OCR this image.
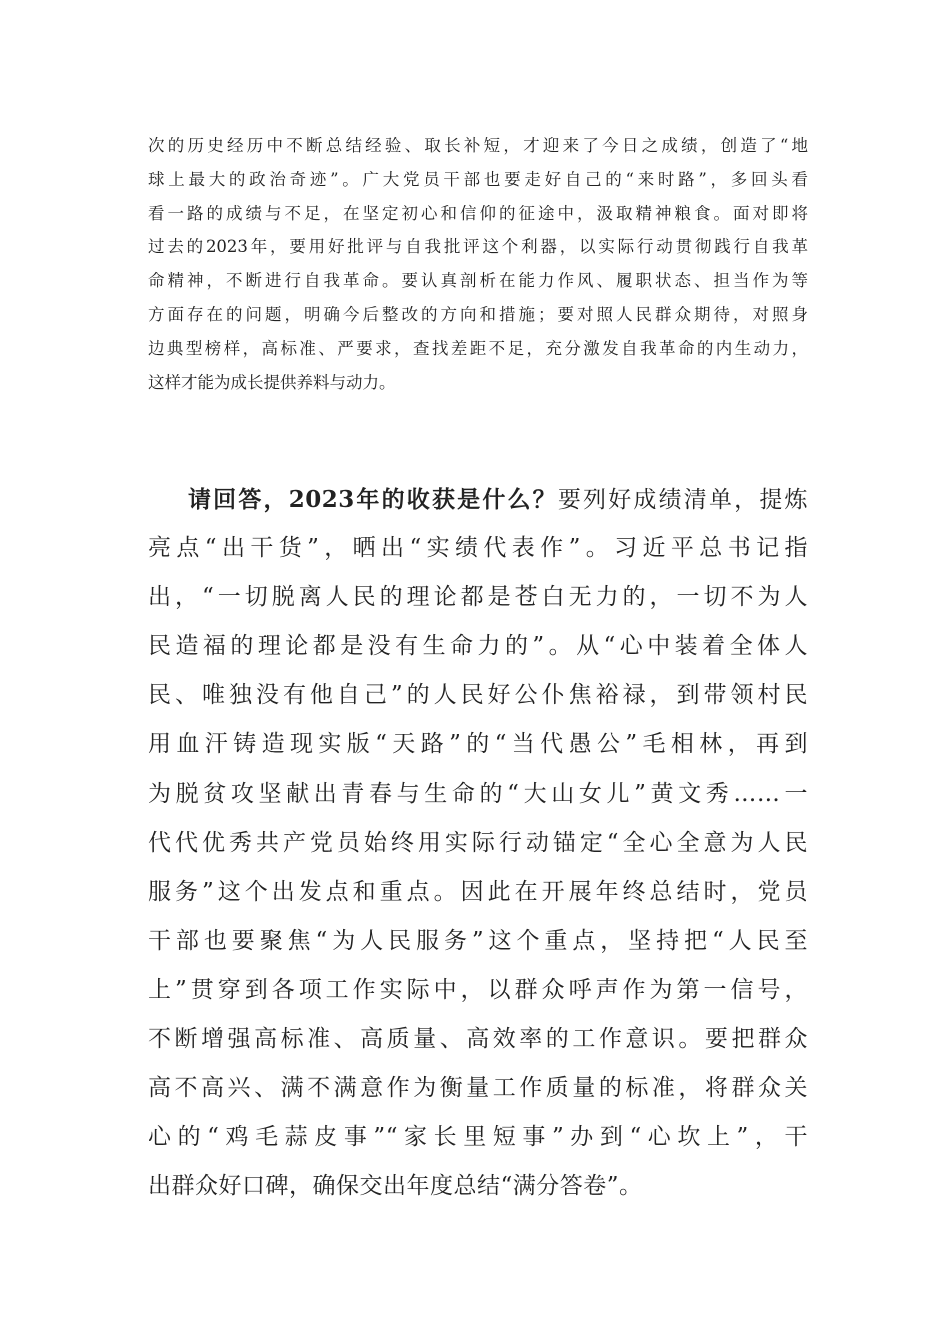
次的历史经历中不断总结经验、取长补短，才迎来了今日之成绩，创造了“地
球上最大的政治奇迹”。广大党员干部也要走好自己的“来时路”，多回头看
看一路的成绩与不足，在坚定初心和信仰的征途中，汲取精神粮食。面对即将
过去的2023年，要用好批评与自我批评这个利器，以实际行动贯彻践行自我革
命精神，不断进行自我革命。要认真剖析在能力作风、履职状态、担当作为等
方面存在的问题，明确今后整改的方向和措施；要对照人民群众期待，对照身
边典型榜样，高标准、严要求，查找差距不足，充分激发自我革命的内生动力，
这样才能为成长提供养料与动力。
请回答，2023年的收获是什么？要列好成绩清单，提炼
亮点“出干货”，晒出“实绩代表作”。习近平总书记指
出，“一切脱离人民的理论都是苍白无力的，一切不为人
民造福的理论都是没有生命力的”。从“心中装着全体人
民、唯独没有他自己”的人民好公仆焦裕禄，到带领村民
用血汗铸造现实版“天路”的“当代愚公”毛相林，再到
为脱贫攻坚献出青春与生命的“大山女儿”黄文秀……一
代代优秀共产党员始终用实际行动锚定“全心全意为人民
服务”这个出发点和重点。因此在开展年终总结时，党员
干部也要聚焦“为人民服务”这个重点，坚持把“人民至
上”贯穿到各项工作实际中，以群众呼声作为第一信号，
不断增强高标准、高质量、高效率的工作意识。要把群众
高不高兴、满不满意作为衡量工作质量的标准，将群众关
心的“鸡毛蒜皮事”“家长里短事”办到“心坎上”，干
出群众好口碑，确保交出年度总结“满分答卷”。
